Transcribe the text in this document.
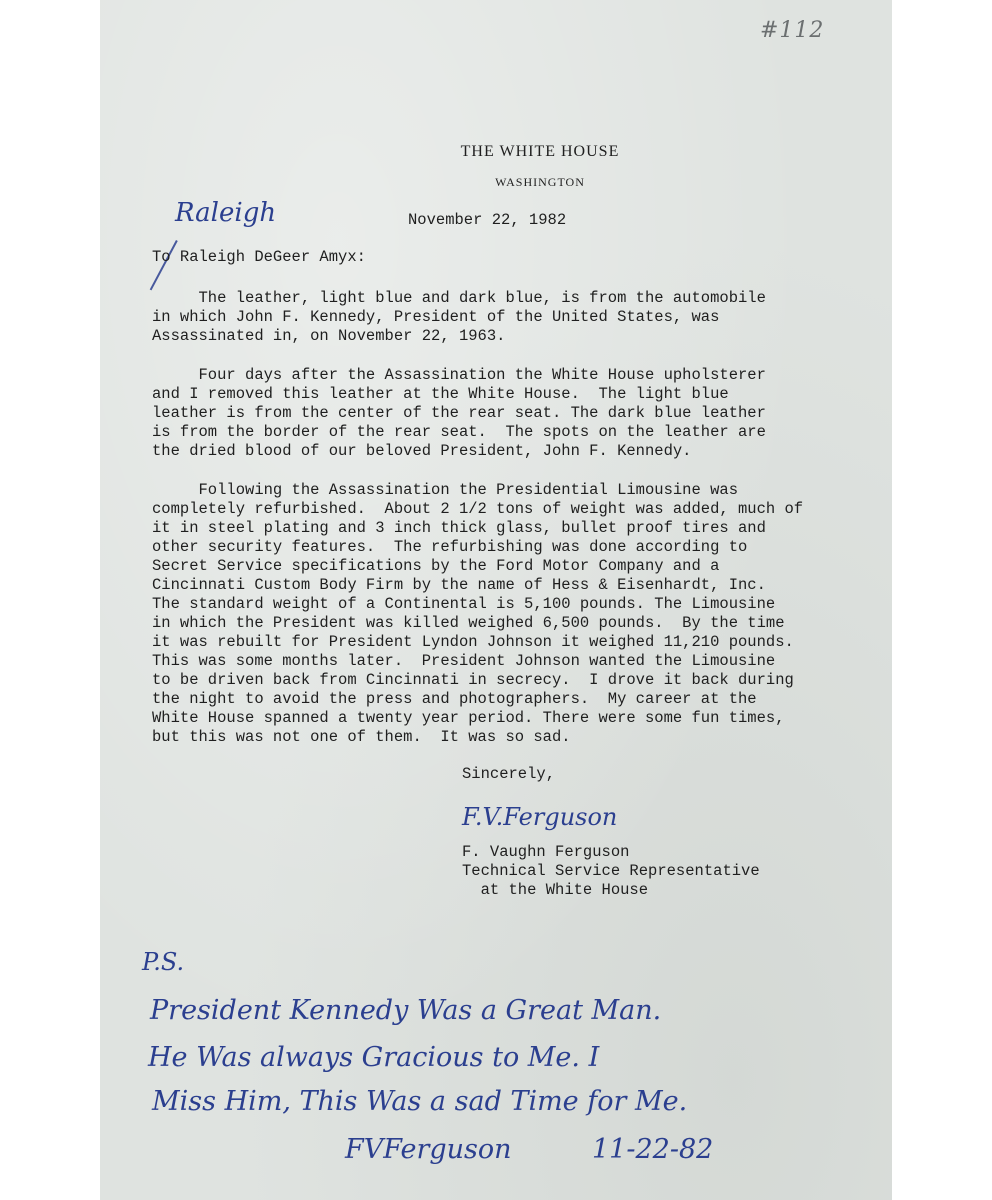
#112
THE WHITE HOUSE
WASHINGTON
Raleigh	November 22, 1982
To Raleigh DeGeer Amyx:

The leather, light blue and dark blue, is from the automobile
in which John F. Kennedy, President of the United States, was
Assassinated in, on November 22, 1963.

Four days after the Assassination the White House upholsterer
and I removed this leather at the White House.  The light blue
leather is from the center of the rear seat. The dark blue leather
is from the border of the rear seat.  The spots on the leather are
the dried blood of our beloved President, John F. Kennedy.

Following the Assassination the Presidential Limousine was
completely refurbished.  About 2 1/2 tons of weight was added, much of
it in steel plating and 3 inch thick glass, bullet proof tires and
other security features.  The refurbishing was done according to
Secret Service specifications by the Ford Motor Company and a
Cincinnati Custom Body Firm by the name of Hess & Eisenhardt, Inc.
The standard weight of a Continental is 5,100 pounds. The Limousine
in which the President was killed weighed 6,500 pounds.  By the time
it was rebuilt for President Lyndon Johnson it weighed 11,210 pounds.
This was some months later.  President Johnson wanted the Limousine
to be driven back from Cincinnati in secrecy.  I drove it back during
the night to avoid the press and photographers.  My career at the
White House spanned a twenty year period. There were some fun times,
but this was not one of them.  It was so sad.

Sincerely,
F.V.Ferguson
F. Vaughn Ferguson
Technical Service Representative
at the White House
P.S.
President Kennedy Was a Great Man.
He Was always Gracious to Me. I
Miss Him, This Was a sad Time for Me.
FVFerguson	11-22-82
